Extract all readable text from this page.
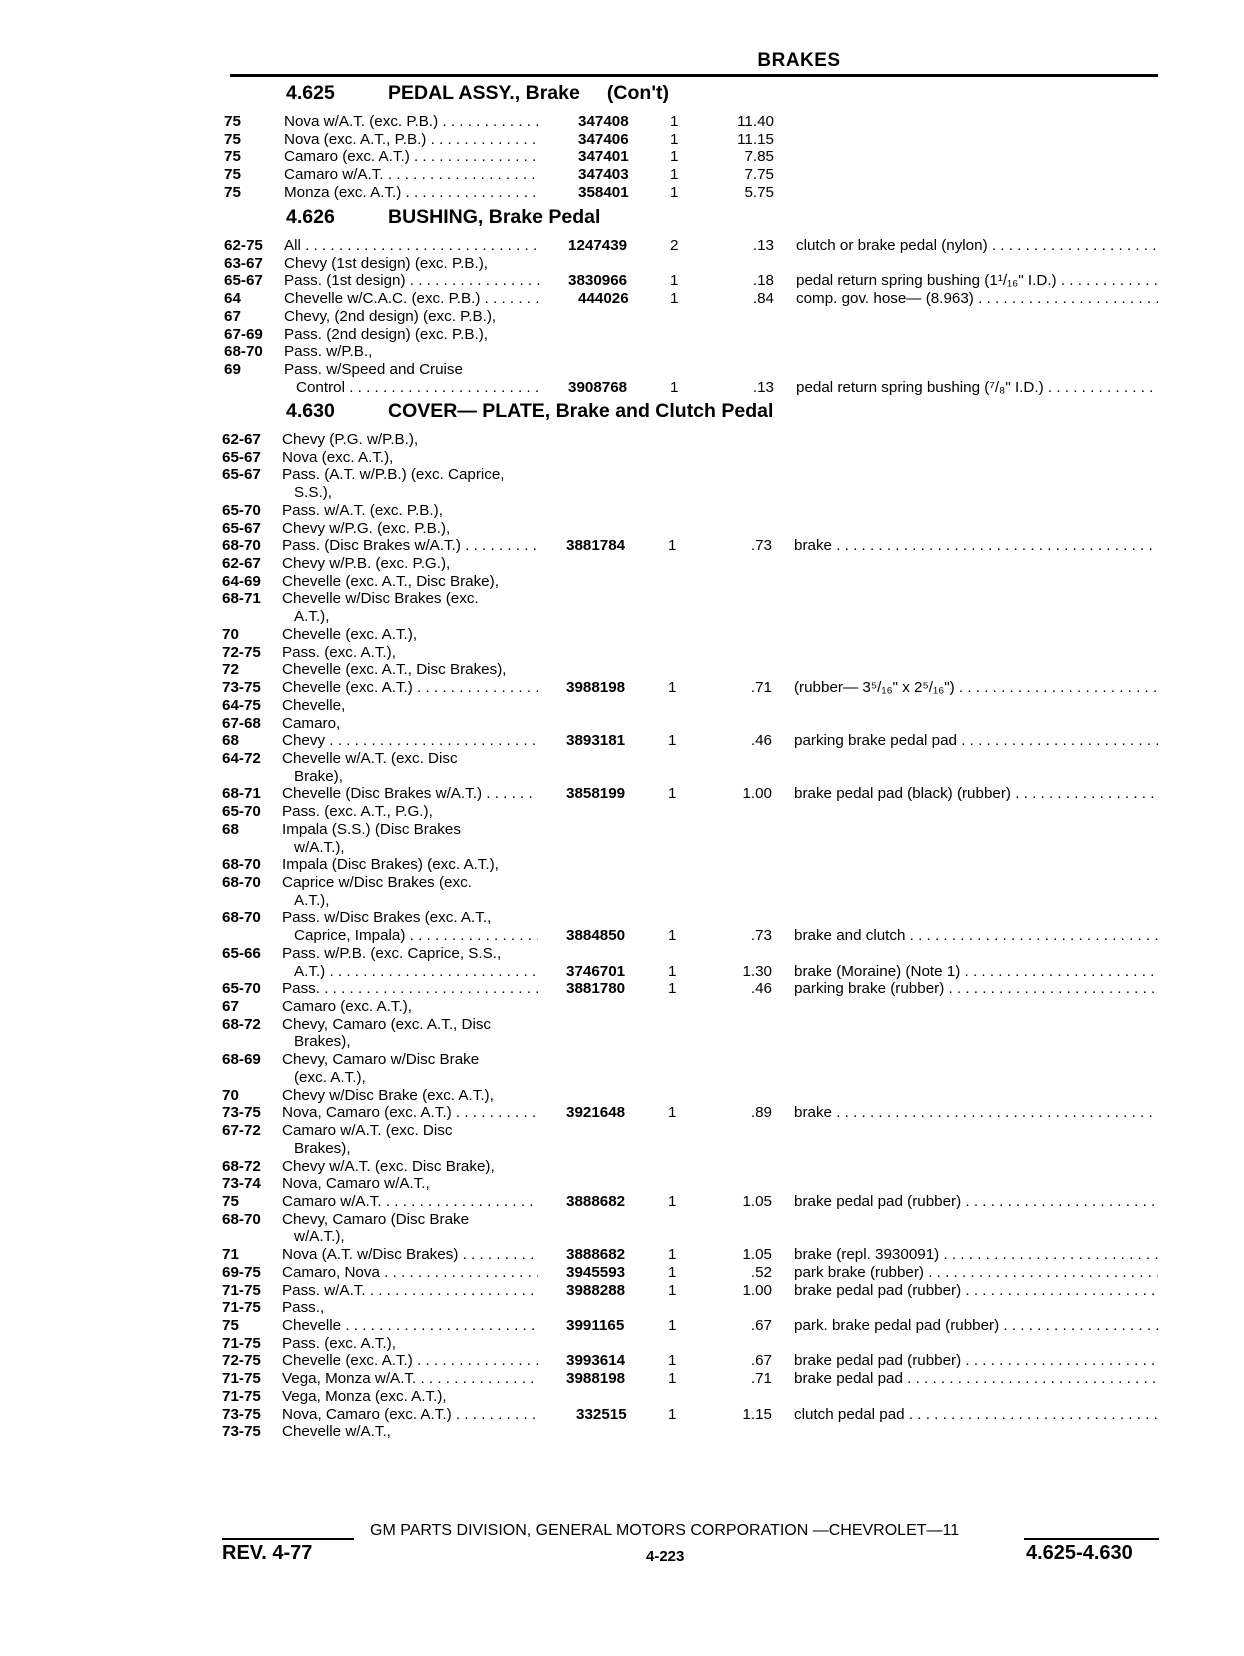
BRAKES
4.625	PEDAL ASSY., Brake     (Con't)
75	Nova w/A.T. (exc. P.B.) . . .	347408	1	11.40
75	Nova (exc. A.T., P.B.) . . .	347406	1	11.15
75	Camaro (exc. A.T.) . . .	347401	1	7.85
75	Camaro w/A.T. . . .	347403	1	7.75
75	Monza (exc. A.T.) . . .	358401	1	5.75
4.626	BUSHING, Brake Pedal
62-75 All . . .	1247439	2	.13 clutch or brake pedal (nylon) . . .
63-67 Chevy (1st design) (exc. P.B.),
65-67 Pass. (1st design) . . .	3830966	1	.18 pedal return spring bushing (1¹/₁₆" I.D.) . . .
64	Chevelle w/C.A.C. (exc. P.B.) . . .	444026	1	.84 comp. gov. hose— (8.963) . . .
67	Chevy, (2nd design) (exc. P.B.),
67-69 Pass. (2nd design) (exc. P.B.),
68-70 Pass. w/P.B.,
69	Pass. w/Speed and Cruise
Control . . .	3908768	1	.13 pedal return spring bushing (⁷/₈" I.D.) . . .
4.630	COVER— PLATE, Brake and Clutch Pedal
62-67 Chevy (P.G. w/P.B.),
65-67 Nova (exc. A.T.),
65-67 Pass. (A.T. w/P.B.) (exc. Caprice,
S.S.),
65-70 Pass. w/A.T. (exc. P.B.),
65-67 Chevy w/P.G. (exc. P.B.),
68-70 Pass. (Disc Brakes w/A.T.) . . .	3881784	1	.73 brake . . .
62-67 Chevy w/P.B. (exc. P.G.),
64-69 Chevelle (exc. A.T., Disc Brake),
68-71 Chevelle w/Disc Brakes (exc.
A.T.),
70	Chevelle (exc. A.T.),
72-75 Pass. (exc. A.T.),
72	Chevelle (exc. A.T., Disc Brakes),
73-75 Chevelle (exc. A.T.) . . .	3988198	1	.71 (rubber— 3⁵/₁₆" x 2⁵/₁₆") . . .
64-75 Chevelle,
67-68 Camaro,
68	Chevy . . .	3893181	1	.46 parking brake pedal pad . . .
64-72 Chevelle w/A.T. (exc. Disc
Brake),
68-71 Chevelle (Disc Brakes w/A.T.) . . .	3858199	1	1.00 brake pedal pad (black) (rubber) . . .
65-70 Pass. (exc. A.T., P.G.),
68	Impala (S.S.) (Disc Brakes
w/A.T.),
68-70 Impala (Disc Brakes) (exc. A.T.),
68-70 Caprice w/Disc Brakes (exc.
A.T.),
68-70 Pass. w/Disc Brakes (exc. A.T.,
Caprice, Impala) . . .	3884850	1	.73 brake and clutch . . .
65-66 Pass. w/P.B. (exc. Caprice, S.S.,
A.T.) . . .	3746701	1	1.30 brake (Moraine) (Note 1) . . .
65-70 Pass. . . .	3881780	1	.46 parking brake (rubber) . . .
67	Camaro (exc. A.T.),
68-72 Chevy, Camaro (exc. A.T., Disc
Brakes),
68-69 Chevy, Camaro w/Disc Brake
(exc. A.T.),
70	Chevy w/Disc Brake (exc. A.T.),
73-75 Nova, Camaro (exc. A.T.) . . .	3921648	1	.89 brake . . .
67-72 Camaro w/A.T. (exc. Disc
Brakes),
68-72 Chevy w/A.T. (exc. Disc Brake),
73-74 Nova, Camaro w/A.T.,
75	Camaro w/A.T. . . .	3888682	1	1.05 brake pedal pad (rubber) . . .
68-70 Chevy, Camaro (Disc Brake
w/A.T.),
71	Nova (A.T. w/Disc Brakes) . . .	3888682	1	1.05 brake (repl. 3930091) . . .
69-75 Camaro, Nova . . .	3945593	1	.52 park brake (rubber) . . .
71-75 Pass. w/A.T. . . .	3988288	1	1.00 brake pedal pad (rubber) . . .
71-75 Pass.,
75	Chevelle . . .	3991165	1	.67 park. brake pedal pad (rubber) . . .
71-75 Pass. (exc. A.T.),
72-75 Chevelle (exc. A.T.) . . .	3993614	1	.67 brake pedal pad (rubber) . . .
71-75 Vega, Monza w/A.T. . . .	3988198	1	.71 brake pedal pad . . .
71-75 Vega, Monza (exc. A.T.),
73-75 Nova, Camaro (exc. A.T.) . . .	332515	1	1.15 clutch pedal pad . . .
73-75 Chevelle w/A.T.,
GM PARTS DIVISION, GENERAL MOTORS CORPORATION —CHEVROLET—11
REV. 4-77	4-223	4.625-4.630
